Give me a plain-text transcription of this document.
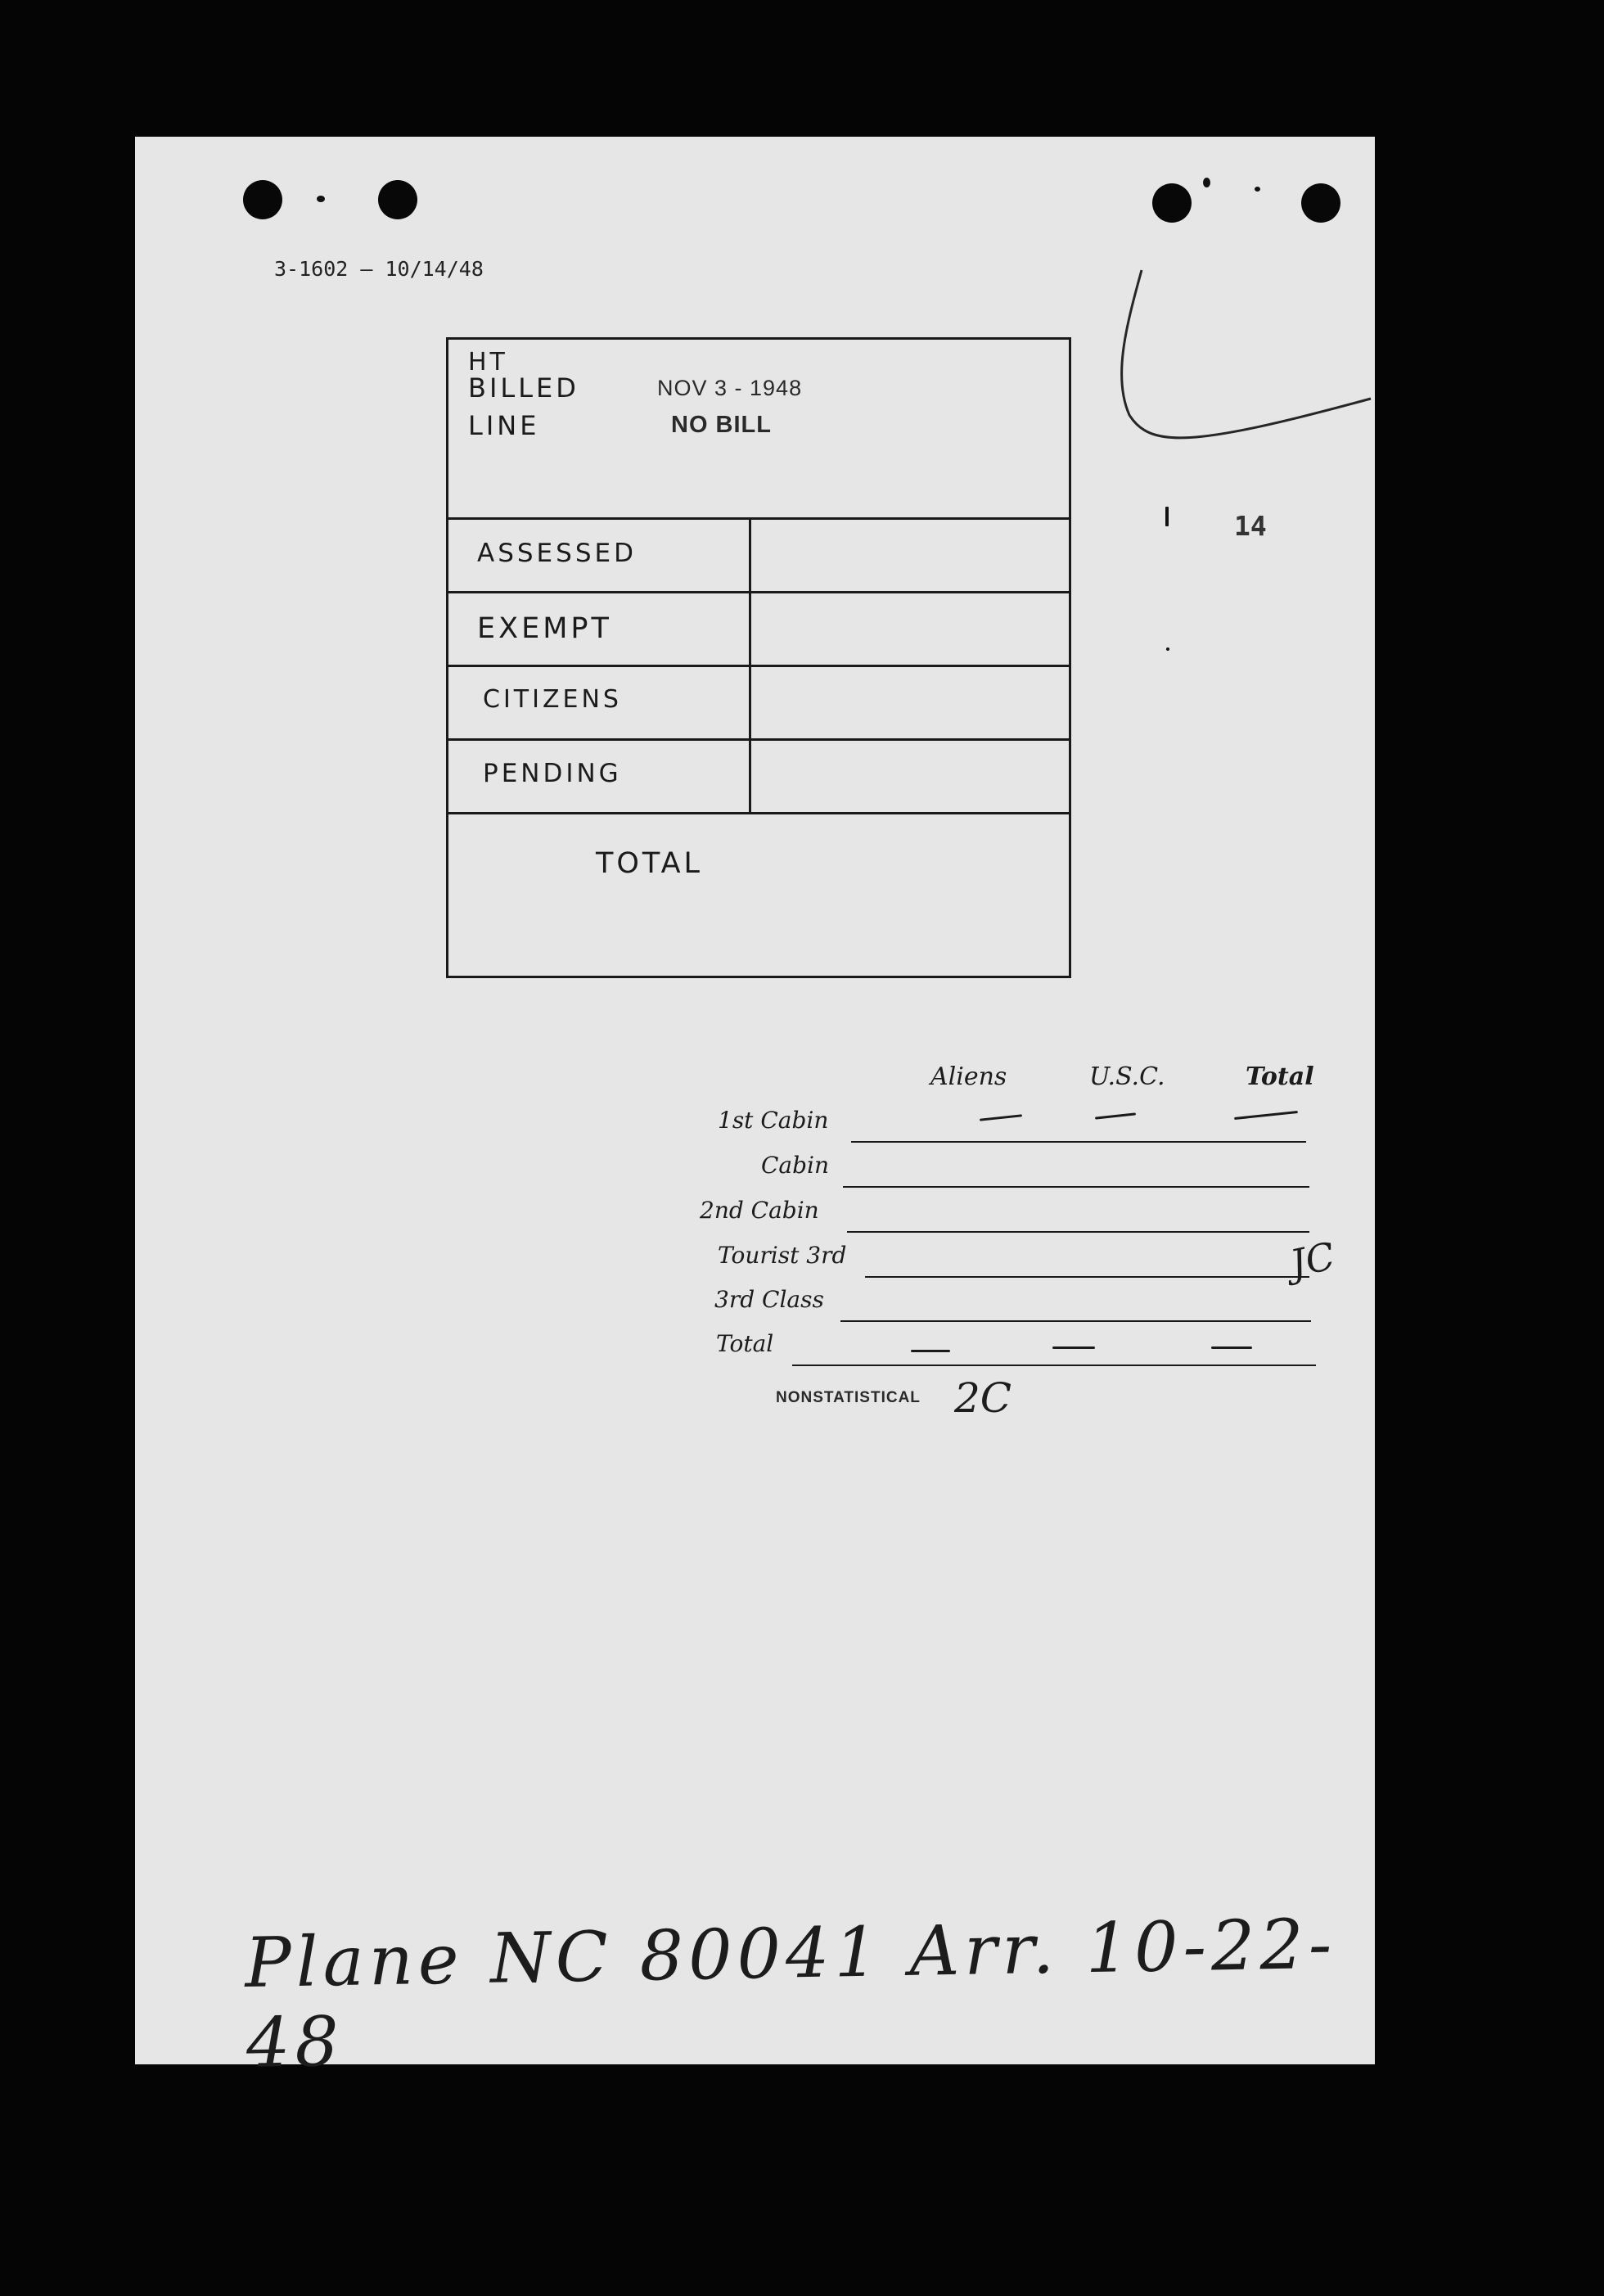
3-1602 — 10/14/48
HT
BILLED
LINE
NOV 3 - 1948
NO BILL
ASSESSED
EXEMPT
CITIZENS
PENDING
TOTAL
14
Aliens	U.S.C.	Total
1st Cabin
Cabin
2nd Cabin
Tourist 3rd
3rd Class
Total
JC
NONSTATISTICAL 2C
Plane NC 80041 Arr. 10-22-48
